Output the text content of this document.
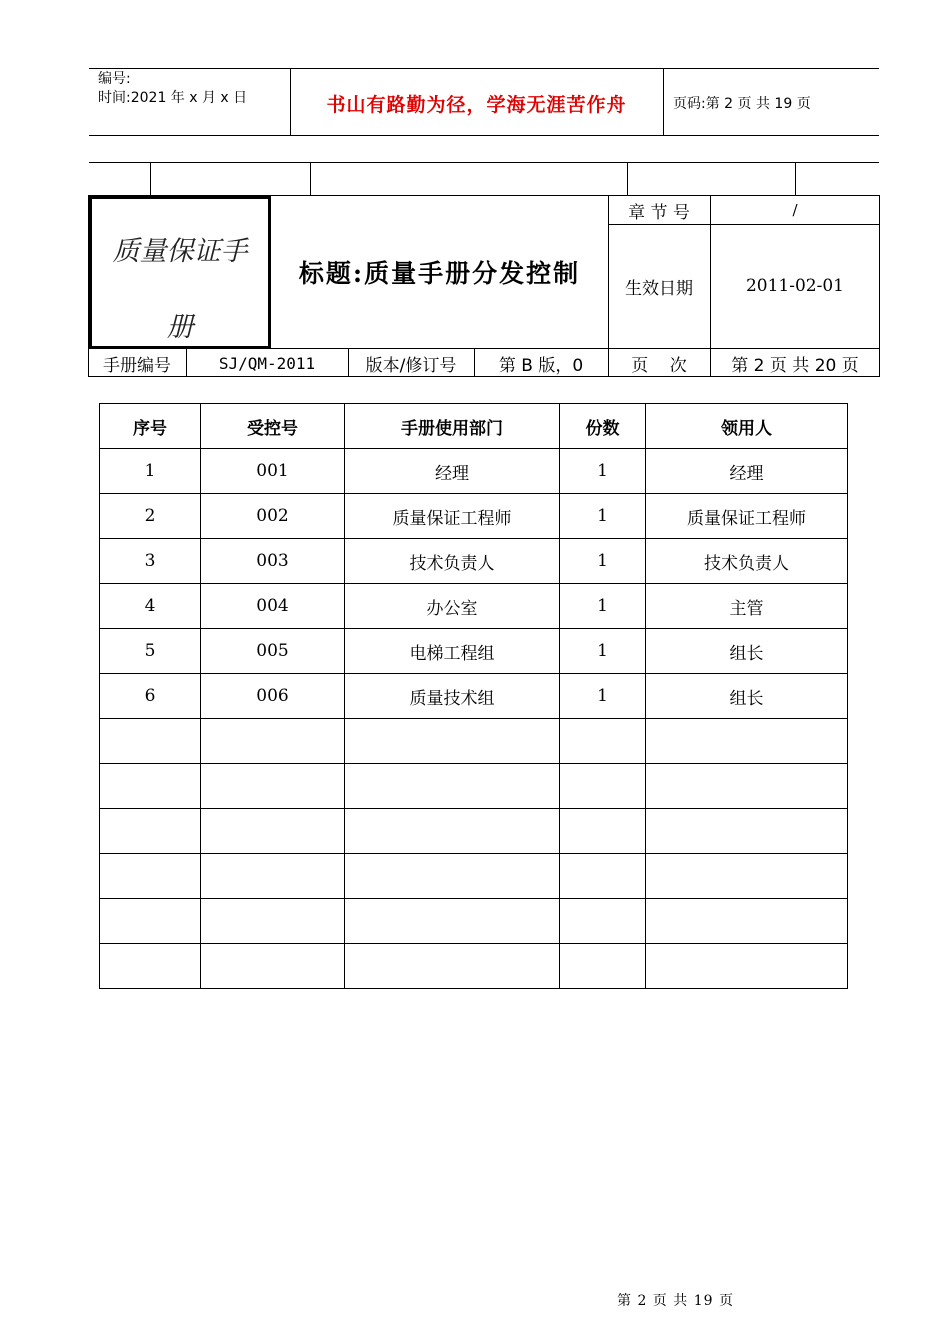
编号:
时间:2021 年 x 月 x 日	书山有路勤为径，学海无涯苦作舟	页码:第 2 页 共 19 页
质量保证手
册
标题:质量手册分发控制
章 节 号	/
生效日期	2011-02-01
手册编号	SJ/QM-2011	版本/修订号	第 B 版，0	页    次	第 2 页 共 20 页
序号	受控号	手册使用部门	份数	领用人
1	001	经理	1	经理
2	002	质量保证工程师	1	质量保证工程师
3	003	技术负责人	1	技术负责人
4	004	办公室	1	主管
5	005	电梯工程组	1	组长
6	006	质量技术组	1	组长

第 2 页 共 19 页
